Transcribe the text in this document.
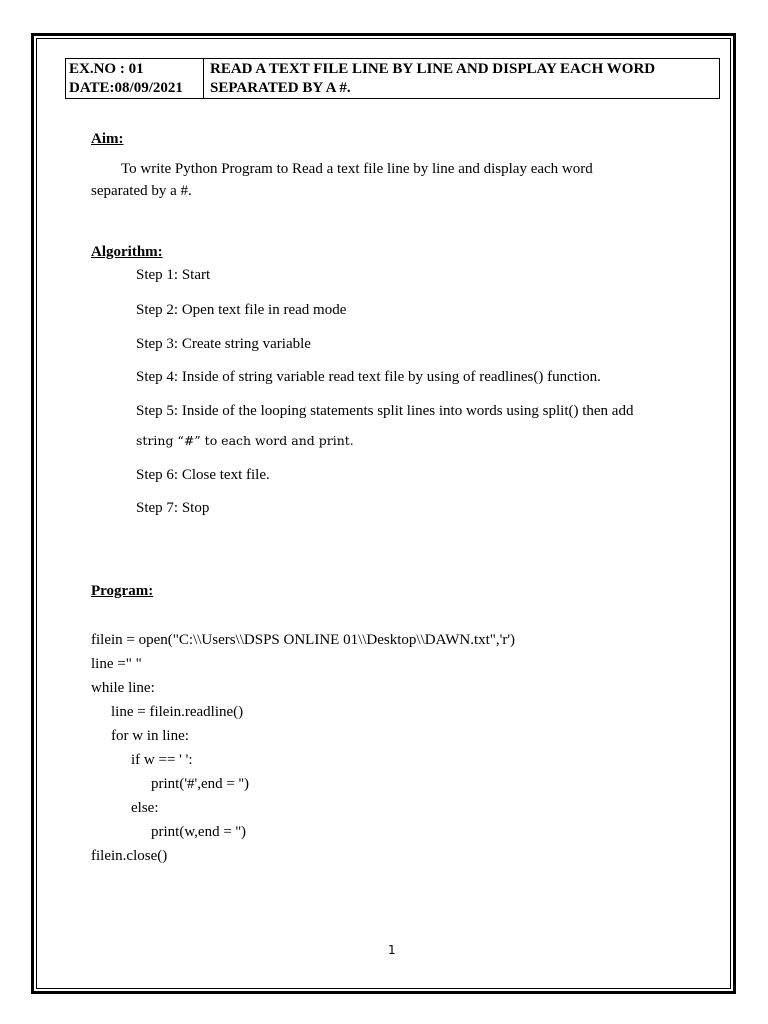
EX.NO : 01
DATE:08/09/2021
READ A TEXT FILE LINE BY LINE AND DISPLAY EACH WORD
SEPARATED BY A #.
Aim:
To write Python Program to Read a text file line by line and display each word
separated by a #.
Algorithm:
Step 1: Start
Step 2: Open text file in read mode
Step 3: Create string variable
Step 4: Inside of string variable read text file by using of readlines() function.
Step 5: Inside of the looping statements split lines into words using split() then add
string “#” to each word and print.
Step 6: Close text file.
Step 7: Stop
Program:
filein = open("C:\\Users\\DSPS ONLINE 01\\Desktop\\DAWN.txt",'r')
line =" "
while line:
line = filein.readline()
for w in line:
if w == ' ':
print('#',end = '')
else:
print(w,end = '')
filein.close()
1
